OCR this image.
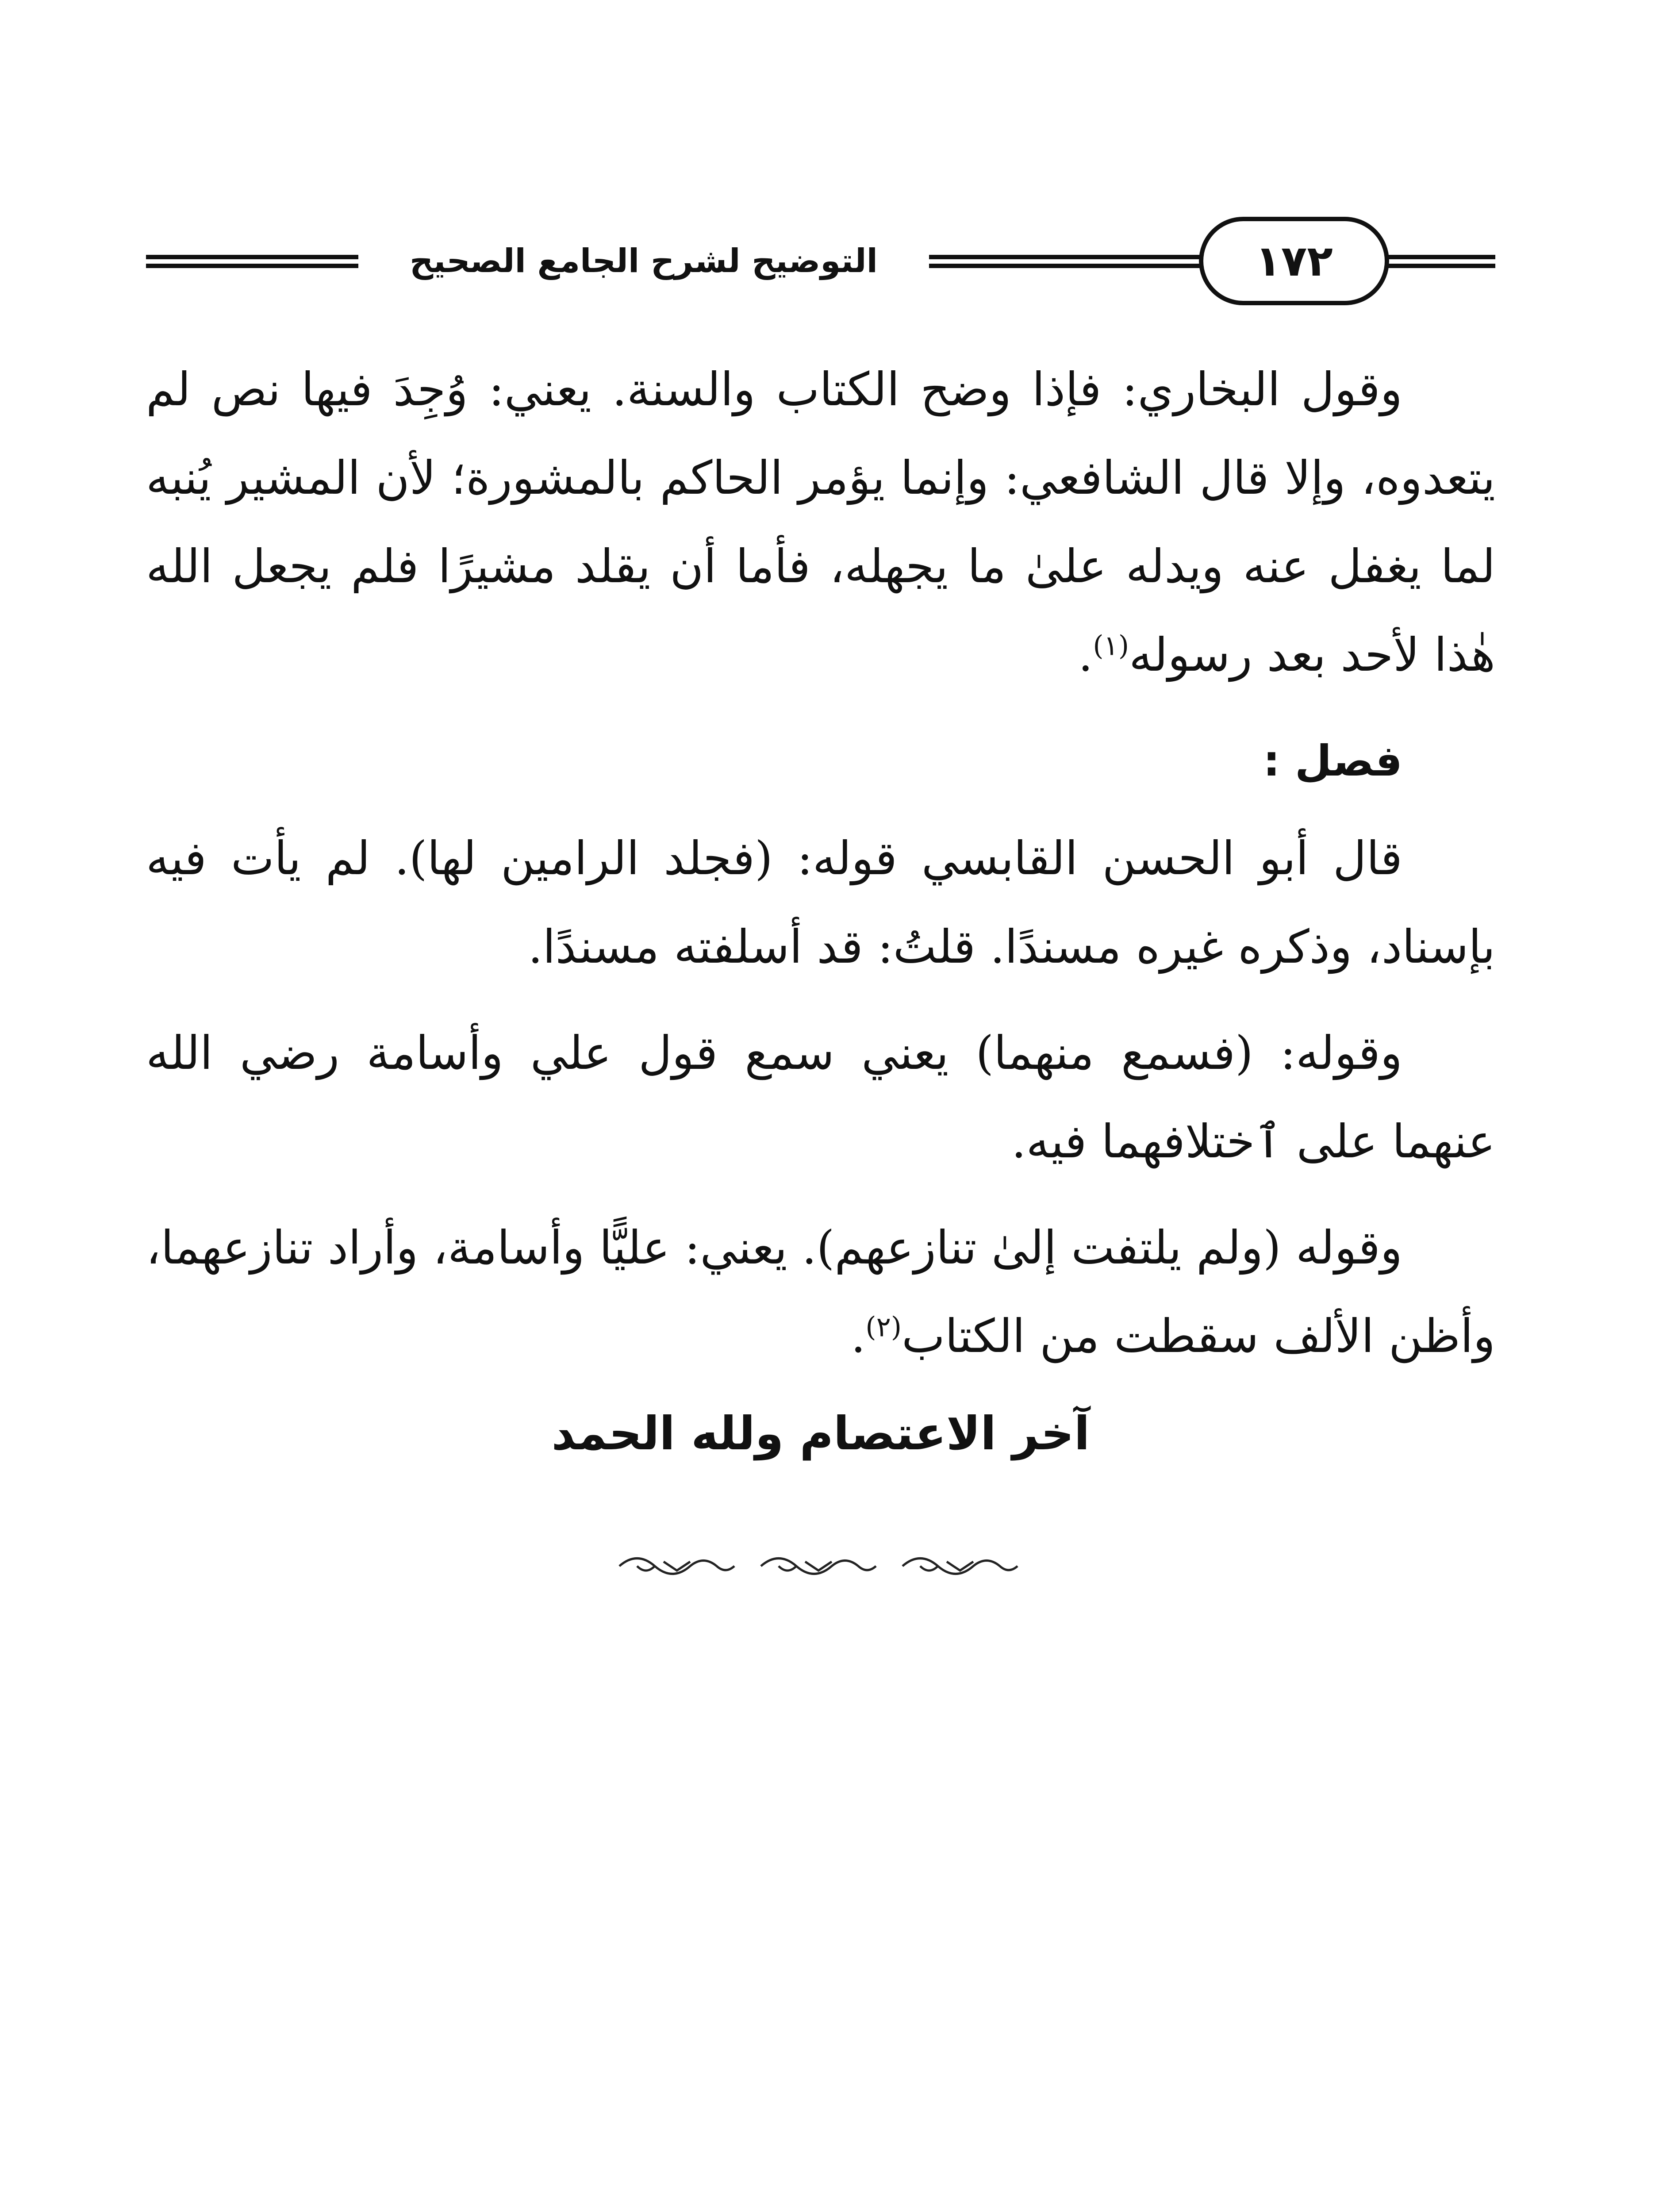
التوضيح لشرح الجامع الصحيح	١٧٢

وقول البخاري: فإذا وضح الكتاب والسنة. يعني: وُجِدَ فيها نص لم يتعدوه، وإلا قال الشافعي: وإنما يؤمر الحاكم بالمشورة؛ لأن المشير يُنبه لما يغفل عنه ويدله علىٰ ما يجهله، فأما أن يقلد مشيرًا فلم يجعل الله هٰذا لأحد بعد رسوله$^{(١)}$.

فصل :

قال أبو الحسن القابسي قوله: (فجلد الرامين لها). لم يأت فيه بإسناد، وذكره غيره مسندًا. قلتُ: قد أسلفته مسندًا.

وقوله: (فسمع منهما) يعني سمع قول علي وأسامة رضي الله عنهما على ٱختلافهما فيه.

وقوله (ولم يلتفت إلىٰ تنازعهم). يعني: عليًّا وأسامة، وأراد تنازعهما، وأظن الألف سقطت من الكتاب$^{(٢)}$.

آخر الاعتصام ولله الحمد
